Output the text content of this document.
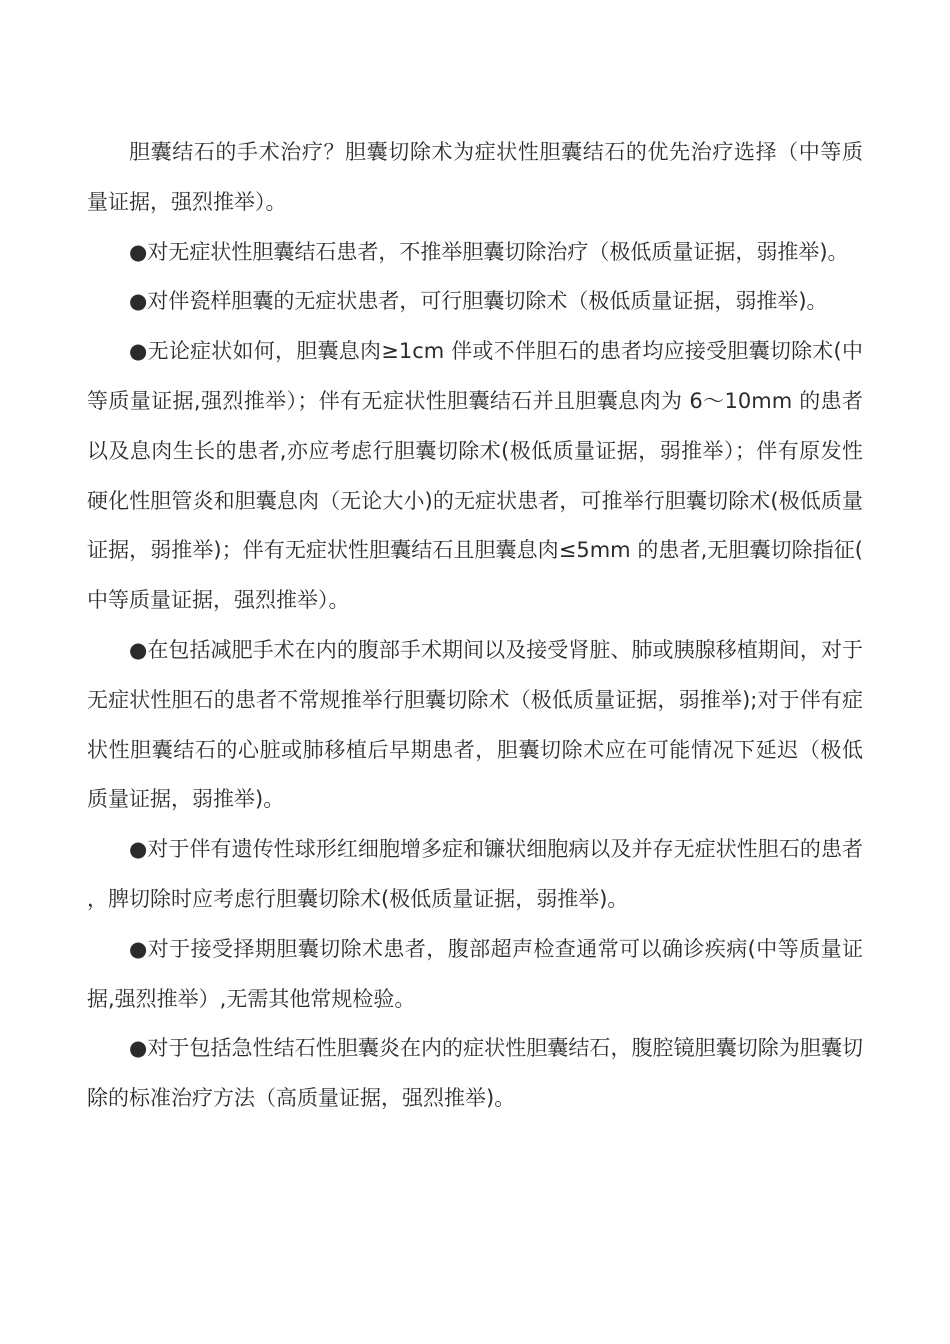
胆囊结石的手术治疗？胆囊切除术为症状性胆囊结石的优先治疗选择（中等质量证据，强烈推举）。

●对无症状性胆囊结石患者，不推举胆囊切除治疗（极低质量证据，弱推举)。

●对伴瓷样胆囊的无症状患者，可行胆囊切除术（极低质量证据，弱推举)。

●无论症状如何，胆囊息肉≥1cm 伴或不伴胆石的患者均应接受胆囊切除术(中等质量证据,强烈推举）；伴有无症状性胆囊结石并且胆囊息肉为 6～10mm 的患者以及息肉生长的患者,亦应考虑行胆囊切除术(极低质量证据，弱推举）；伴有原发性硬化性胆管炎和胆囊息肉（无论大小)的无症状患者，可推举行胆囊切除术(极低质量证据，弱推举)；伴有无症状性胆囊结石且胆囊息肉≤5mm 的患者,无胆囊切除指征(中等质量证据，强烈推举）。

●在包括减肥手术在内的腹部手术期间以及接受肾脏、肺或胰腺移植期间，对于无症状性胆石的患者不常规推举行胆囊切除术（极低质量证据，弱推举);对于伴有症状性胆囊结石的心脏或肺移植后早期患者，胆囊切除术应在可能情况下延迟（极低质量证据，弱推举)。

●对于伴有遗传性球形红细胞增多症和镰状细胞病以及并存无症状性胆石的患者，脾切除时应考虑行胆囊切除术(极低质量证据，弱推举)。

●对于接受择期胆囊切除术患者，腹部超声检查通常可以确诊疾病(中等质量证据,强烈推举）,无需其他常规检验。

●对于包括急性结石性胆囊炎在内的症状性胆囊结石，腹腔镜胆囊切除为胆囊切除的标准治疗方法（高质量证据，强烈推举)。
